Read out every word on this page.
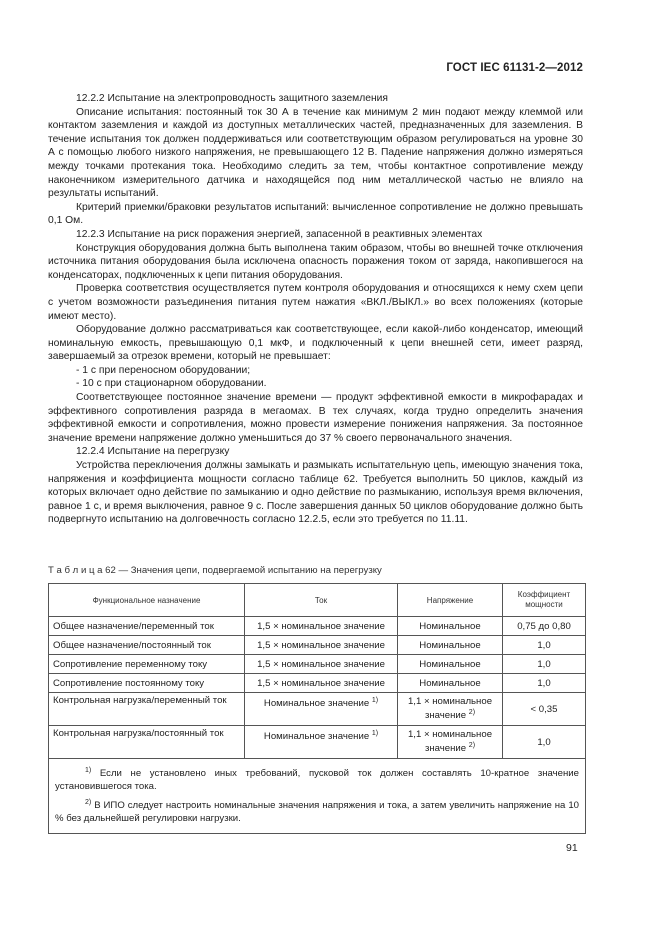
ГОСТ IEC 61131-2—2012

12.2.2 Испытание на электропроводность защитного заземления

Описание испытания: постоянный ток 30 А в течение как минимум 2 мин подают между клеммой или контактом заземления и каждой из доступных металлических частей, предназначенных для заземления. В течение испытания ток должен поддерживаться или соответствующим образом регулироваться на уровне 30 А с помощью любого низкого напряжения, не превышающего 12 В. Падение напряжения должно измеряться между точками протекания тока. Необходимо следить за тем, чтобы контактное сопротивление между наконечником измерительного датчика и находящейся под ним металлической частью не влияло на результаты испытаний.

Критерий приемки/браковки результатов испытаний: вычисленное сопротивление не должно превышать 0,1 Ом.

12.2.3 Испытание на риск поражения энергией, запасенной в реактивных элементах

Конструкция оборудования должна быть выполнена таким образом, чтобы во внешней точке отключения источника питания оборудования была исключена опасность поражения током от заряда, накопившегося на конденсаторах, подключенных к цепи питания оборудования.

Проверка соответствия осуществляется путем контроля оборудования и относящихся к нему схем цепи с учетом возможности разъединения питания путем нажатия «ВКЛ./ВЫКЛ.» во всех положениях (которые имеют место).

Оборудование должно рассматриваться как соответствующее, если какой-либо конденсатор, имеющий номинальную емкость, превышающую 0,1 мкФ, и подключенный к цепи внешней сети, имеет разряд, завершаемый за отрезок времени, который не превышает:

- 1 с при переносном оборудовании;

- 10 с при стационарном оборудовании.

Соответствующее постоянное значение времени — продукт эффективной емкости в микрофарадах и эффективного сопротивления разряда в мегаомах. В тех случаях, когда трудно определить значения эффективной емкости и сопротивления, можно провести измерение понижения напряжения. За постоянное значение времени напряжение должно уменьшиться до 37 % своего первоначального значения.

12.2.4 Испытание на перегрузку

Устройства переключения должны замыкать и размыкать испытательную цепь, имеющую значения тока, напряжения и коэффициента мощности согласно таблице 62. Требуется выполнить 50 циклов, каждый из которых включает одно действие по замыканию и одно действие по размыканию, используя время включения, равное 1 с, и время выключения, равное 9 с. После завершения данных 50 циклов оборудование должно быть подвергнуто испытанию на долговечность согласно 12.2.5, если это требуется по 11.11.

Т а б л и ц а 62 — Значения цепи, подвергаемой испытанию на перегрузку
Функциональное назначение	Ток	Напряжение	Коэффициент мощности
Общее назначение/переменный ток	1,5 × номинальное значение	Номинальное	0,75 до 0,80
Общее назначение/постоянный ток	1,5 × номинальное значение	Номинальное	1,0
Сопротивление переменному току	1,5 × номинальное значение	Номинальное	1,0
Сопротивление постоянному току	1,5 × номинальное значение	Номинальное	1,0
Контрольная нагрузка/переменный ток	Номинальное значение $^{1)}$	1,1 × номинальное значение $^{2)}$	< 0,35
Контрольная нагрузка/постоянный ток	Номинальное значение $^{1)}$	1,1 × номинальное значение $^{2)}$	1,0

$^{1)}$ Если не установлено иных требований, пусковой ток должен составлять 10-кратное значение установившегося тока.

$^{2)}$ В ИПО следует настроить номинальные значения напряжения и тока, а затем увеличить напряжение на 10 % без дальнейшей регулировки нагрузки.			

91
